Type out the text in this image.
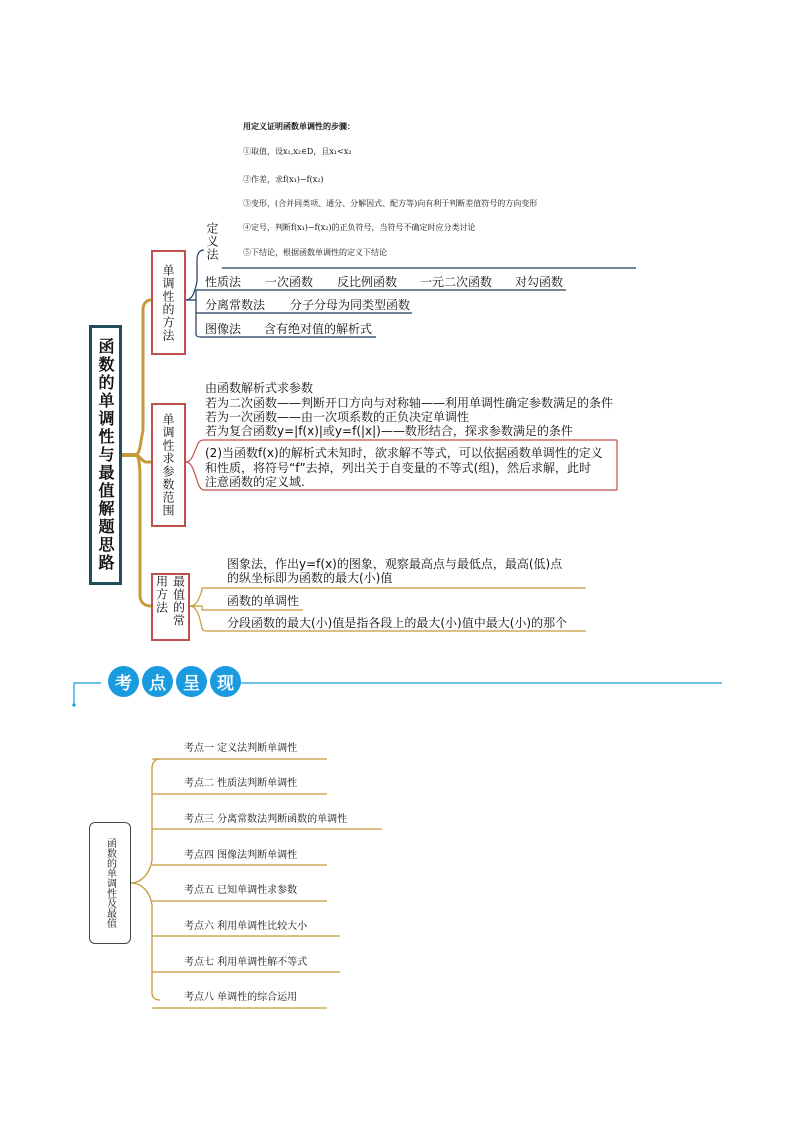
函数的单调性与最值解题思路
单调性的方法
定义法
用定义证明函数单调性的步骤：
①取值，设x₁,x₂∈D，且x₁<x₂
②作差，求f(x₁)−f(x₂)
③变形，(合并同类项、通分、分解因式、配方等)向有利于判断差值符号的方向变形
④定号，判断f(x₁)−f(x₂)的正负符号，当符号不确定时应分类讨论
⑤下结论，根据函数单调性的定义下结论
性质法 一次函数 反比例函数 一元二次函数 对勾函数
分离常数法 分子分母为同类型函数
图像法 含有绝对值的解析式
单调性求参数范围
由函数解析式求参数
若为二次函数——判断开口方向与对称轴——利用单调性确定参数满足的条件
若为一次函数——由一次项系数的正负决定单调性
若为复合函数y=|f(x)|或y=f(|x|)——数形结合，探求参数满足的条件
(2)当函数f(x)的解析式未知时，欲求解不等式，可以依据函数单调性的定义
和性质，将符号“f”去掉，列出关于自变量的不等式(组)，然后求解，此时
注意函数的定义域.
最值的常用方法
图象法，作出y=f(x)的图象，观察最高点与最低点，最高(低)点
的纵坐标即为函数的最大(小)值
函数的单调性
分段函数的最大(小)值是指各段上的最大(小)值中最大(小)的那个
考	点	呈	现
函数的单调性及最值
考点一 定义法判断单调性
考点二 性质法判断单调性
考点三 分离常数法判断函数的单调性
考点四 图像法判断单调性
考点五 已知单调性求参数
考点六 利用单调性比较大小
考点七 利用单调性解不等式
考点八 单调性的综合运用
